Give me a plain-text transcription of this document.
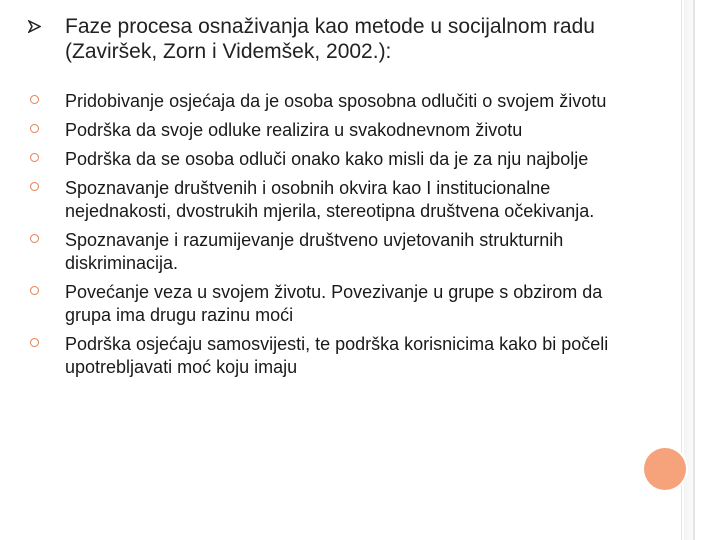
Faze procesa osnaživanja kao metode u socijalnom radu (Zaviršek, Zorn i Videmšek, 2002.):
Pridobivanje osjećaja da je osoba sposobna odlučiti o svojem životu
Podrška da svoje odluke realizira u svakodnevnom životu
Podrška da se osoba odluči onako kako misli da je za nju najbolje
Spoznavanje društvenih i osobnih okvira kao I institucionalne nejednakosti, dvostrukih mjerila, stereotipna društvena očekivanja.
Spoznavanje i razumijevanje društveno uvjetovanih strukturnih diskriminacija.
Povećanje veza u svojem životu. Povezivanje u grupe s obzirom da grupa ima drugu razinu moći
Podrška osjećaju samosvijesti, te podrška korisnicima kako bi počeli upotrebljavati moć koju imaju
